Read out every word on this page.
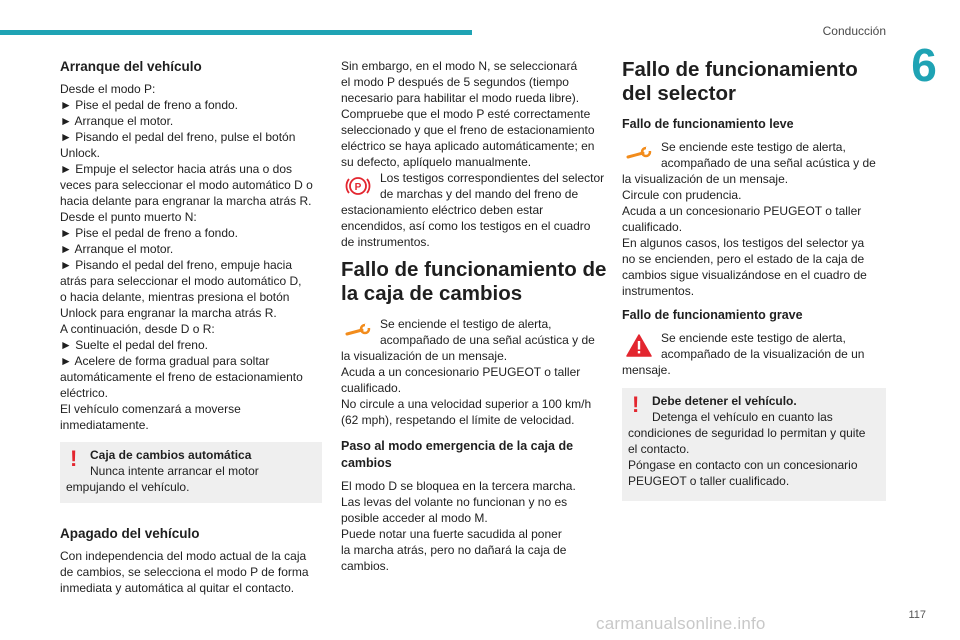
Conducción
6
Arranque del vehículo
Desde el modo P:
► Pise el pedal de freno a fondo.
► Arranque el motor.
► Pisando el pedal del freno, pulse el botón
Unlock.
► Empuje el selector hacia atrás una o dos
veces para seleccionar el modo automático D o
hacia delante para engranar la marcha atrás R.
Desde el punto muerto N:
► Pise el pedal de freno a fondo.
► Arranque el motor.
► Pisando el pedal del freno, empuje hacia
atrás para seleccionar el modo automático D,
o hacia delante, mientras presiona el botón
Unlock para engranar la marcha atrás R.
A continuación, desde D o R:
► Suelte el pedal del freno.
► Acelere de forma gradual para soltar
automáticamente el freno de estacionamiento
eléctrico.
El vehículo comenzará a moverse
inmediatamente.
! Caja de cambios automática
Nunca intente arrancar el motor
empujando el vehículo.
Apagado del vehículo
Con independencia del modo actual de la caja
de cambios, se selecciona el modo P de forma
inmediata y automática al quitar el contacto.
Sin embargo, en el modo N, se seleccionará
el modo P después de 5 segundos (tiempo
necesario para habilitar el modo rueda libre).
Compruebe que el modo P esté correctamente
seleccionado y que el freno de estacionamiento
eléctrico se haya aplicado automáticamente; en
su defecto, aplíquelo manualmente.
P
Los testigos correspondientes del selector
de marchas y del mando del freno de
estacionamiento eléctrico deben estar
encendidos, así como los testigos en el cuadro
de instrumentos.
Fallo de funcionamiento de la caja de cambios
Se enciende el testigo de alerta,
acompañado de una señal acústica y de
la visualización de un mensaje.
Acuda a un concesionario PEUGEOT o taller
cualificado.
No circule a una velocidad superior a 100 km/h
(62 mph), respetando el límite de velocidad.
Paso al modo emergencia de la caja de cambios
El modo D se bloquea en la tercera marcha.
Las levas del volante no funcionan y no es
posible acceder al modo M.
Puede notar una fuerte sacudida al poner
la marcha atrás, pero no dañará la caja de
cambios.
Fallo de funcionamiento del selector
Fallo de funcionamiento leve
Se enciende este testigo de alerta,
acompañado de una señal acústica y de
la visualización de un mensaje.
Circule con prudencia.
Acuda a un concesionario PEUGEOT o taller
cualificado.
En algunos casos, los testigos del selector ya
no se encienden, pero el estado de la caja de
cambios sigue visualizándose en el cuadro de
instrumentos.
Fallo de funcionamiento grave
Se enciende este testigo de alerta,
acompañado de la visualización de un
mensaje.
! Debe detener el vehículo.
Detenga el vehículo en cuanto las
condiciones de seguridad lo permitan y quite
el contacto.
Póngase en contacto con un concesionario
PEUGEOT o taller cualificado.
117
carmanualsonline.info
